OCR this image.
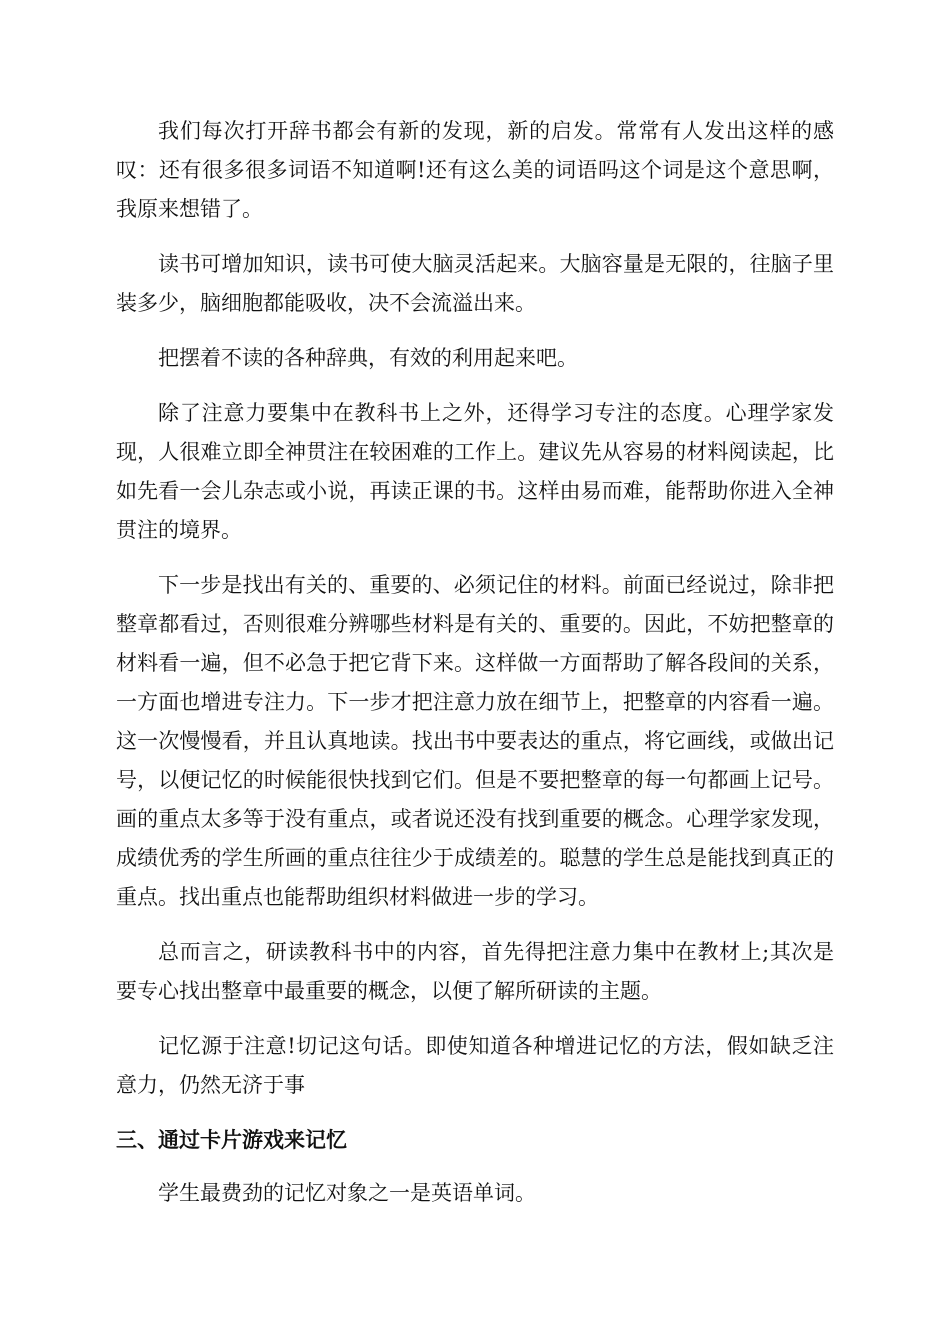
我们每次打开辞书都会有新的发现，新的启发。常常有人发出这样的感叹：还有很多很多词语不知道啊!还有这么美的词语吗这个词是这个意思啊，我原来想错了。

读书可增加知识，读书可使大脑灵活起来。大脑容量是无限的，往脑子里装多少，脑细胞都能吸收，决不会流溢出来。

把摆着不读的各种辞典，有效的利用起来吧。

除了注意力要集中在教科书上之外，还得学习专注的态度。心理学家发现，人很难立即全神贯注在较困难的工作上。建议先从容易的材料阅读起，比如先看一会儿杂志或小说，再读正课的书。这样由易而难，能帮助你进入全神贯注的境界。

下一步是找出有关的、重要的、必须记住的材料。前面已经说过，除非把整章都看过，否则很难分辨哪些材料是有关的、重要的。因此，不妨把整章的材料看一遍，但不必急于把它背下来。这样做一方面帮助了解各段间的关系，一方面也增进专注力。下一步才把注意力放在细节上，把整章的内容看一遍。这一次慢慢看，并且认真地读。找出书中要表达的重点，将它画线，或做出记号，以便记忆的时候能很快找到它们。但是不要把整章的每一句都画上记号。画的重点太多等于没有重点，或者说还没有找到重要的概念。心理学家发现，成绩优秀的学生所画的重点往往少于成绩差的。聪慧的学生总是能找到真正的重点。找出重点也能帮助组织材料做进一步的学习。

总而言之，研读教科书中的内容，首先得把注意力集中在教材上;其次是要专心找出整章中最重要的概念，以便了解所研读的主题。

记忆源于注意!切记这句话。即使知道各种增进记忆的方法，假如缺乏注意力，仍然无济于事

三、通过卡片游戏来记忆

学生最费劲的记忆对象之一是英语单词。
